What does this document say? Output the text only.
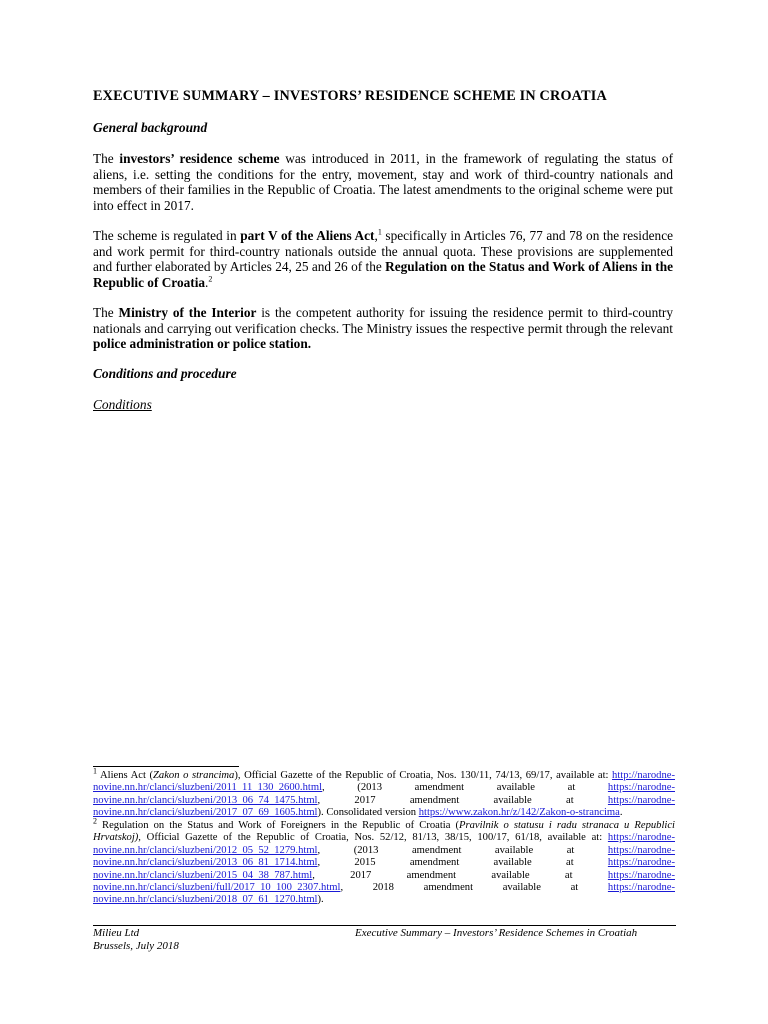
EXECUTIVE SUMMARY – INVESTORS’ RESIDENCE SCHEME IN CROATIA
General background

The investors’ residence scheme was introduced in 2011, in the framework of regulating the status of aliens, i.e. setting the conditions for the entry, movement, stay and work of third-country nationals and members of their families in the Republic of Croatia. The latest amendments to the original scheme were put into effect in 2017.

The scheme is regulated in part V of the Aliens Act,$^1$ specifically in Articles 76, 77 and 78 on the residence and work permit for third-country nationals outside the annual quota. These provisions are supplemented and further elaborated by Articles 24, 25 and 26 of the Regulation on the Status and Work of Aliens in the Republic of Croatia.$^2$

The Ministry of the Interior is the competent authority for issuing the residence permit to third-country nationals and carrying out verification checks. The Ministry issues the respective permit through the relevant police administration or police station.

Conditions and procedure
Conditions

$^1$ Aliens Act (Zakon o strancima), Official Gazette of the Republic of Croatia, Nos. 130/11, 74/13, 69/17, available at: http://narodne-novine.nn.hr/clanci/sluzbeni/2011_11_130_2600.html, (2013 amendment available at https://narodne-novine.nn.hr/clanci/sluzbeni/2013_06_74_1475.html, 2017 amendment available at https://narodne-novine.nn.hr/clanci/sluzbeni/2017_07_69_1605.html). Consolidated version https://www.zakon.hr/z/142/Zakon-o-strancima.

$^2$ Regulation on the Status and Work of Foreigners in the Republic of Croatia (Pravilnik o statusu i radu stranaca u Republici Hrvatskoj), Official Gazette of the Republic of Croatia, Nos. 52/12, 81/13, 38/15, 100/17, 61/18, available at: https://narodne-novine.nn.hr/clanci/sluzbeni/2012_05_52_1279.html, (2013 amendment available at https://narodne-novine.nn.hr/clanci/sluzbeni/2013_06_81_1714.html, 2015 amendment available at https://narodne-novine.nn.hr/clanci/sluzbeni/2015_04_38_787.html, 2017 amendment available at https://narodne-novine.nn.hr/clanci/sluzbeni/full/2017_10_100_2307.html, 2018 amendment available at https://narodne-novine.nn.hr/clanci/sluzbeni/2018_07_61_1270.html).

Milieu Ltd
Brussels, July 2018
Executive Summary – Investors’ Residence Schemes in Croatiah
